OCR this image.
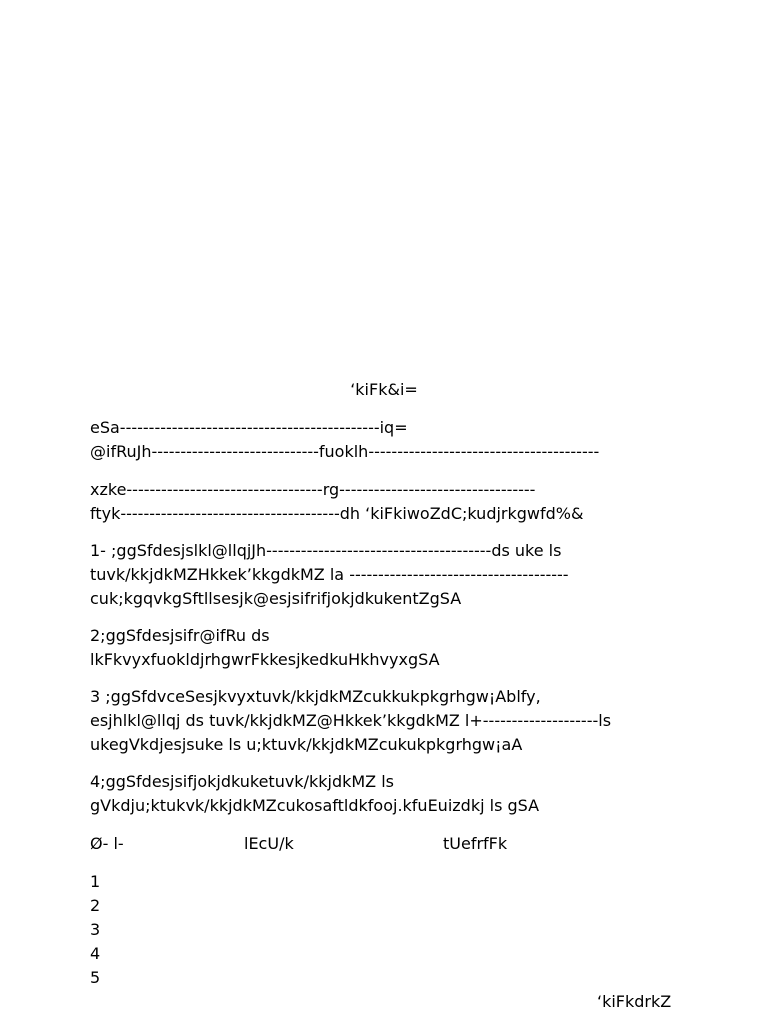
‘kiFk&i=
eSa---------------------------------------------iq=
@ifRuJh-----------------------------fuoklh----------------------------------------
xzke----------------------------------rg----------------------------------
ftyk--------------------------------------dh ‘kiFkiwoZdC;kudjrkgwfd%&
1- ;ggSfdesjslkl@llqjJh---------------------------------------ds uke ls
tuvk/kkjdkMZHkkek’kkgdkMZ la --------------------------------------
cuk;kgqvkgSftllsesjk@esjsifrifjokjdkukentZgSA
2;ggSfdesjsifr@ifRu ds
lkFkvyxfuokldjrhgwrFkkesjkedkuHkhvyxgSA
3 ;ggSfdvceSesjkvyxtuvk/kkjdkMZcukkukpkgrhgw¡Ablfy,
esjhlkl@llqj ds tuvk/kkjdkMZ@Hkkek’kkgdkMZ l+--------------------ls
ukegVkdjesjsuke ls u;ktuvk/kkjdkMZcukukpkgrhgw¡aA
4;ggSfdesjsifjokjdkuketuvk/kkjdkMZ ls
gVkdju;ktukvk/kkjdkMZcukosaftldkfooj.kfuEuizdkj ls gSA
Ø- l-	lEcU/k	tUefrfFk
1
2
3
4
5
‘kiFkdrkZ
